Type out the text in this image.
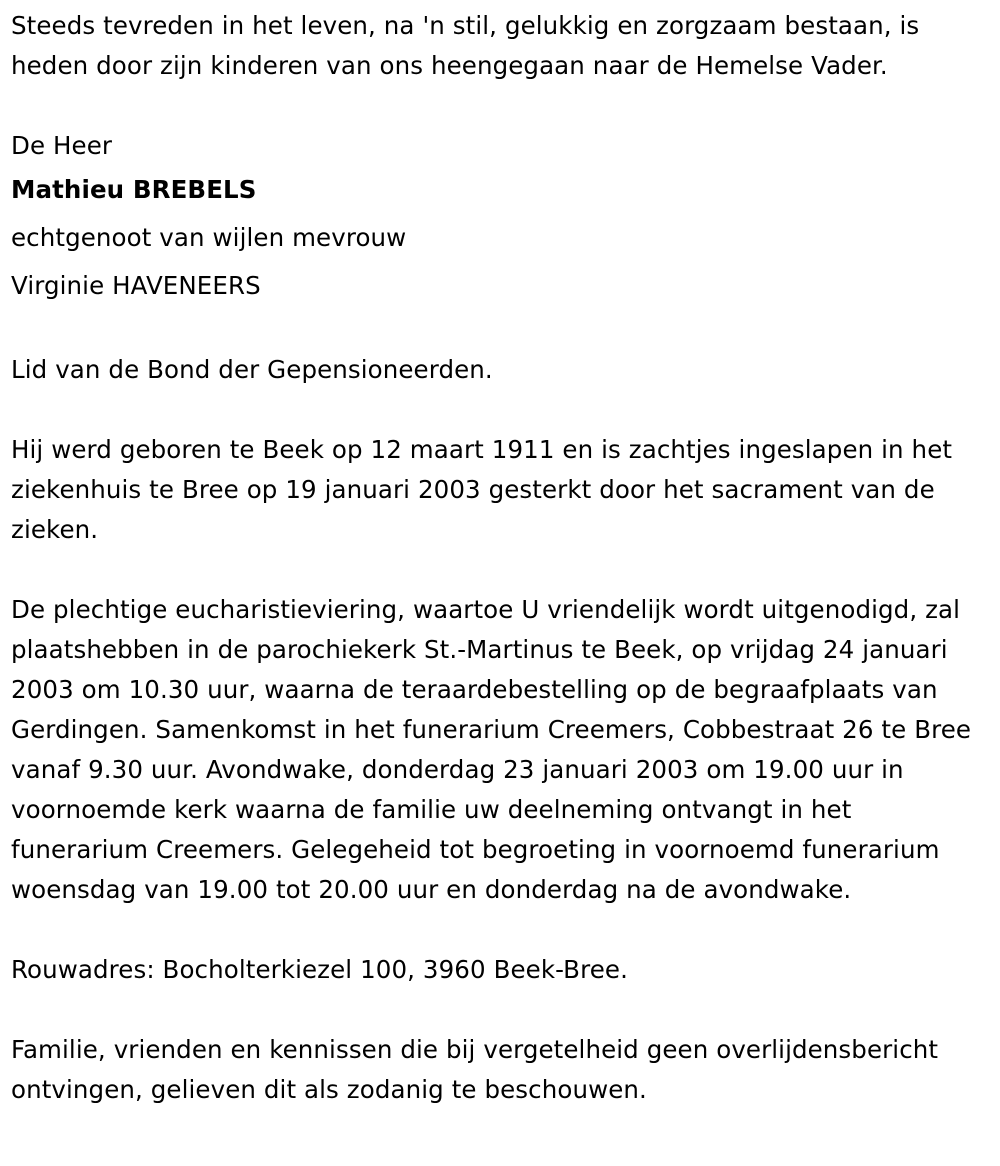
Steeds tevreden in het leven, na 'n stil, gelukkig en zorgzaam bestaan, is heden door zijn kinderen van ons heengegaan naar de Hemelse Vader.

De Heer

Mathieu BREBELS

echtgenoot van wijlen mevrouw

Virginie HAVENEERS

Lid van de Bond der Gepensioneerden.

Hij werd geboren te Beek op 12 maart 1911 en is zachtjes ingeslapen in het ziekenhuis te Bree op 19 januari 2003 gesterkt door het sacrament van de zieken.

De plechtige eucharistieviering, waartoe U vriendelijk wordt uitgenodigd, zal plaatshebben in de parochiekerk St.-Martinus te Beek, op vrijdag 24 januari 2003 om 10.30 uur, waarna de teraardebestelling op de begraafplaats van Gerdingen. Samenkomst in het funerarium Creemers, Cobbestraat 26 te Bree vanaf 9.30 uur. Avondwake, donderdag 23 januari 2003 om 19.00 uur in voornoemde kerk waarna de familie uw deelneming ontvangt in het funerarium Creemers. Gelegeheid tot begroeting in voornoemd funerarium woensdag van 19.00 tot 20.00 uur en donderdag na de avondwake.

Rouwadres: Bocholterkiezel 100, 3960 Beek-Bree.

Familie, vrienden en kennissen die bij vergetelheid geen overlijdensbericht ontvingen, gelieven dit als zodanig te beschouwen.
